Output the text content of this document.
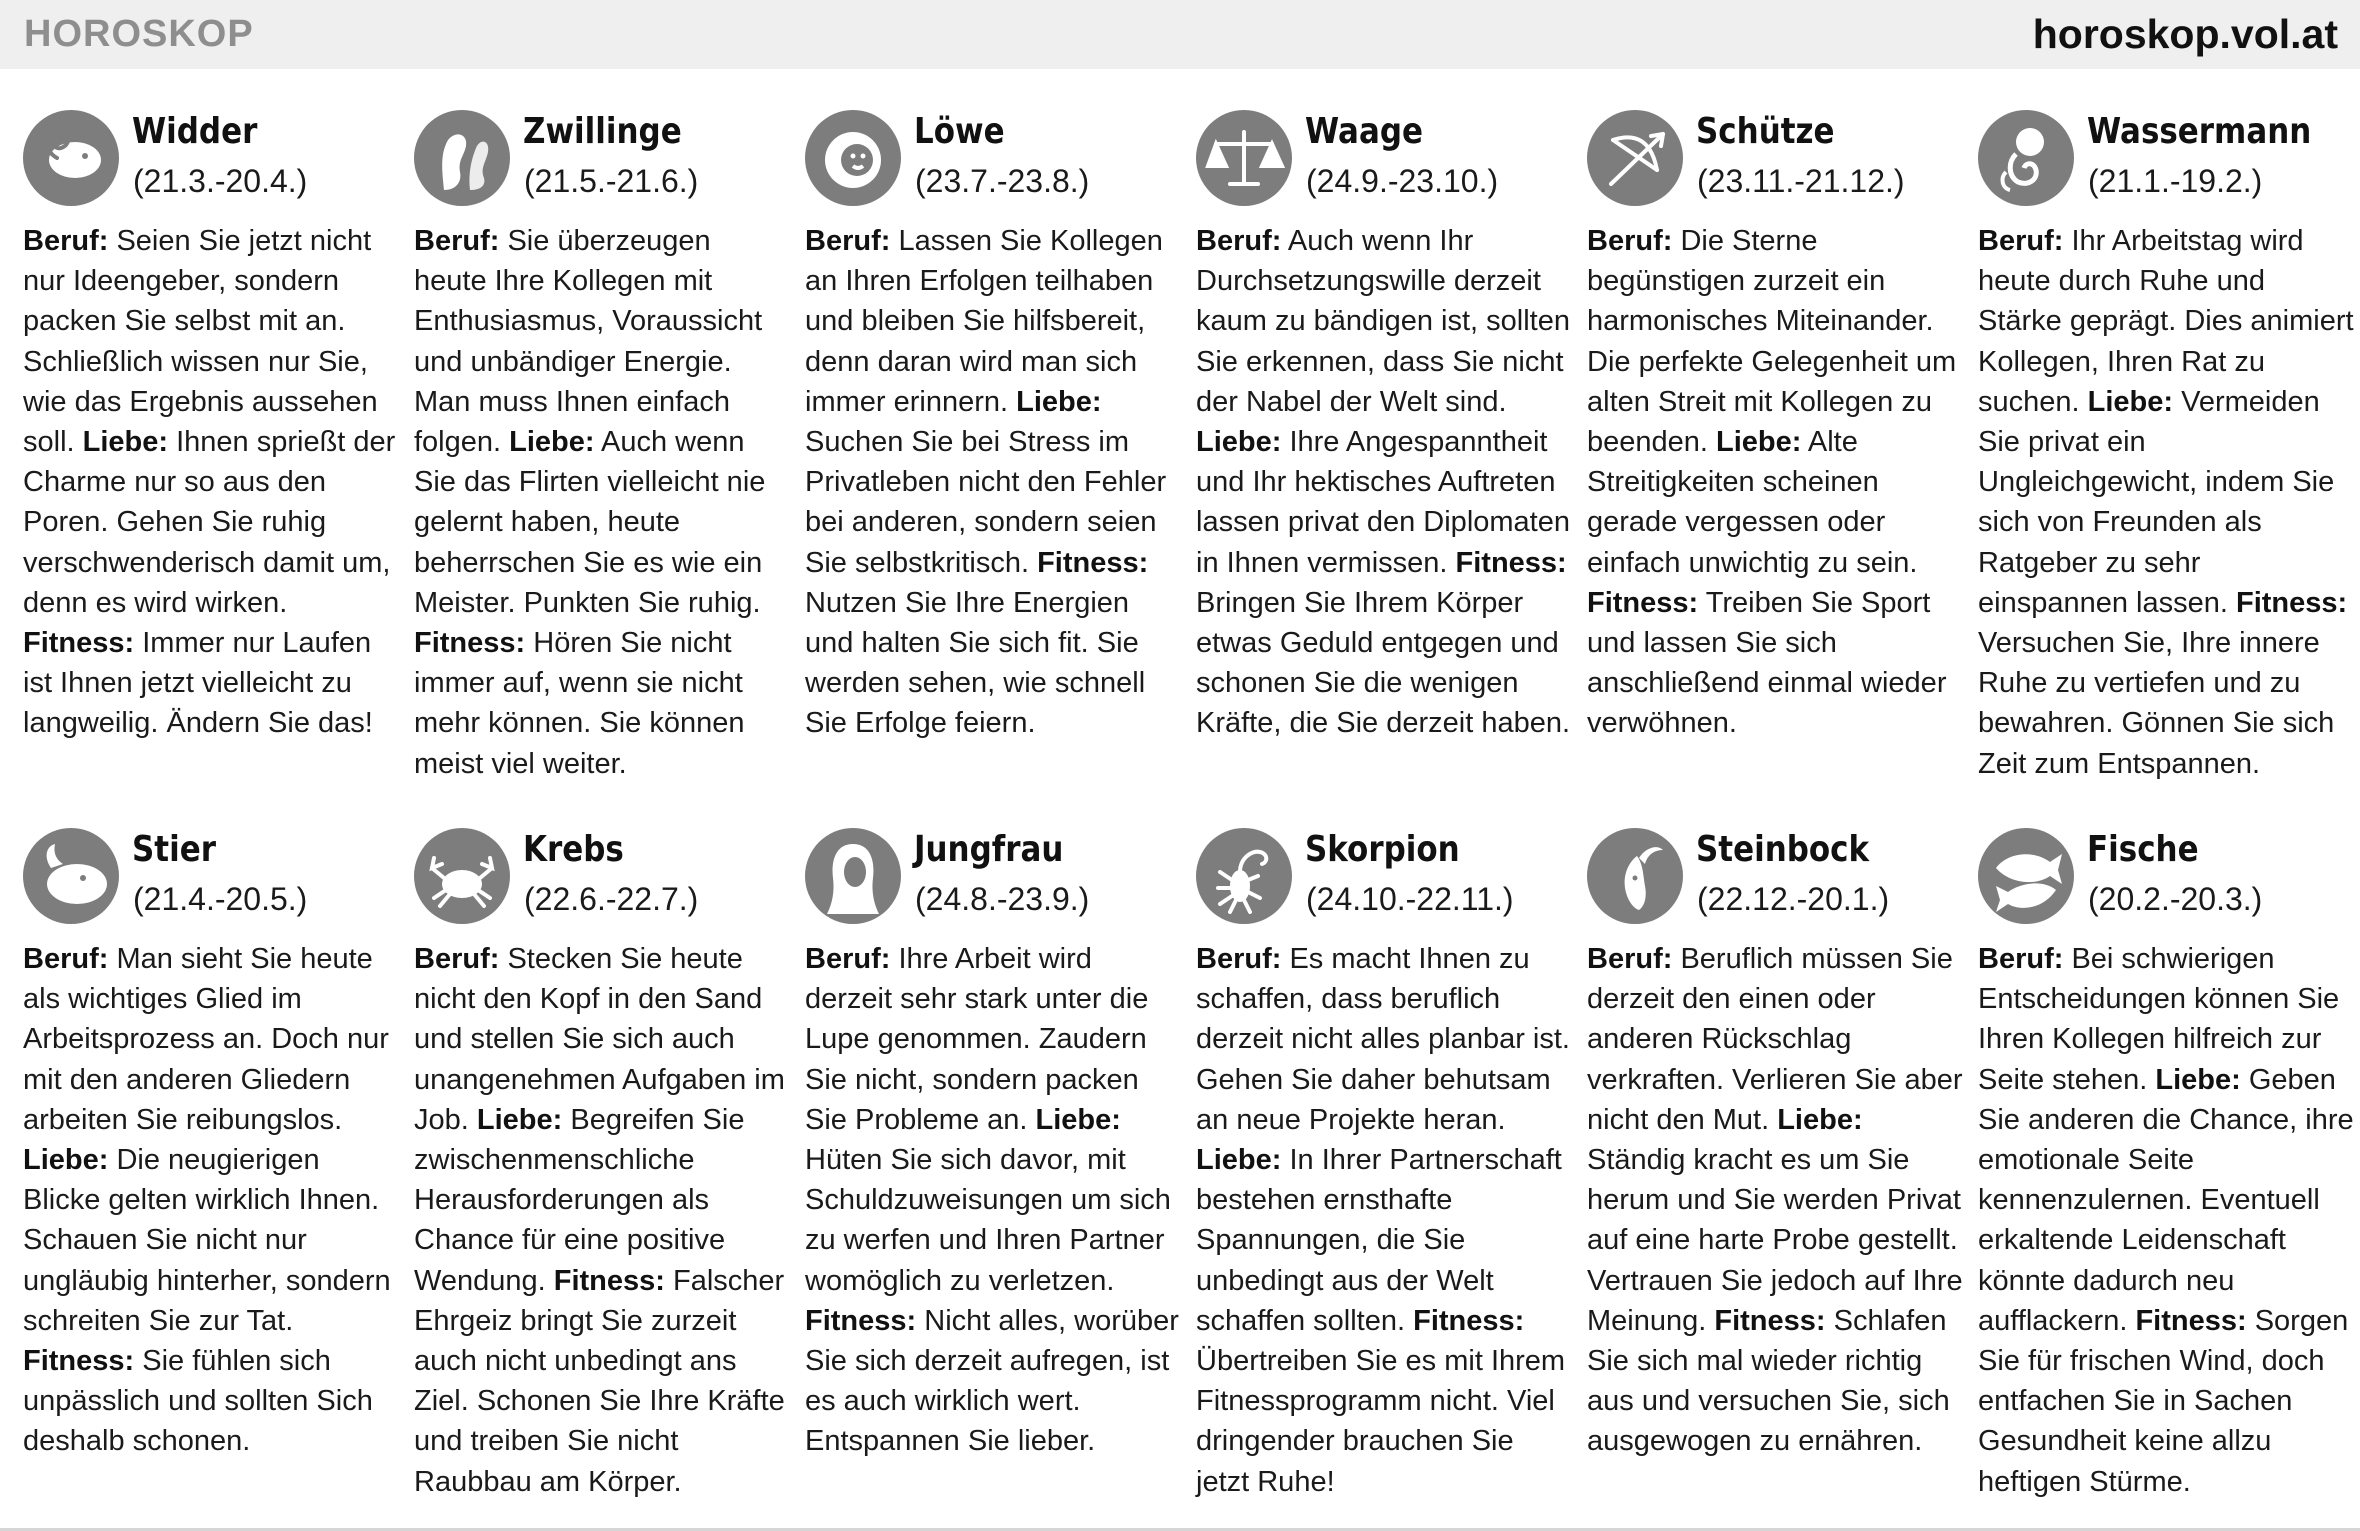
HOROSKOP	horoskop.vol.at
Widder
(21.3.-20.4.)
Beruf: Seien Sie jetzt nicht nur Ideengeber, sondern packen Sie selbst mit an. Schließlich wissen nur Sie, wie das Ergebnis aussehen soll. Liebe: Ihnen sprießt der Charme nur so aus den Poren. Gehen Sie ruhig verschwenderisch damit um, denn es wird wirken. Fitness: Immer nur Laufen ist Ihnen jetzt vielleicht zu langweilig. Ändern Sie das!
Zwillinge
(21.5.-21.6.)
Beruf: Sie überzeugen heute Ihre Kollegen mit Enthusiasmus, Voraussicht und unbändiger Energie. Man muss Ihnen einfach folgen. Liebe: Auch wenn Sie das Flirten vielleicht nie gelernt haben, heute beherrschen Sie es wie ein Meister. Punkten Sie ruhig. Fitness: Hören Sie nicht immer auf, wenn sie nicht mehr können. Sie können meist viel weiter.
Löwe
(23.7.-23.8.)
Beruf: Lassen Sie Kollegen an Ihren Erfolgen teilhaben und bleiben Sie hilfsbereit, denn daran wird man sich immer erinnern. Liebe: Suchen Sie bei Stress im Privatleben nicht den Fehler bei anderen, sondern seien Sie selbstkritisch. Fitness: Nutzen Sie Ihre Energien und halten Sie sich fit. Sie werden sehen, wie schnell Sie Erfolge feiern.
Waage
(24.9.-23.10.)
Beruf: Auch wenn Ihr Durchsetzungswille derzeit kaum zu bändigen ist, sollten Sie erkennen, dass Sie nicht der Nabel der Welt sind. Liebe: Ihre Angespanntheit und Ihr hektisches Auftreten lassen privat den Diplomaten in Ihnen vermissen. Fitness: Bringen Sie Ihrem Körper etwas Geduld entgegen und schonen Sie die wenigen Kräfte, die Sie derzeit haben.
Schütze
(23.11.-21.12.)
Beruf: Die Sterne begünstigen zurzeit ein harmonisches Miteinander. Die perfekte Gelegenheit um alten Streit mit Kollegen zu beenden. Liebe: Alte Streitigkeiten scheinen gerade vergessen oder einfach unwichtig zu sein. Fitness: Treiben Sie Sport und lassen Sie sich anschließend einmal wieder verwöhnen.
Wassermann
(21.1.-19.2.)
Beruf: Ihr Arbeitstag wird heute durch Ruhe und Stärke geprägt. Dies animiert Kollegen, Ihren Rat zu suchen. Liebe: Vermeiden Sie privat ein Ungleichgewicht, indem Sie sich von Freunden als Ratgeber zu sehr einspannen lassen. Fitness: Versuchen Sie, Ihre innere Ruhe zu vertiefen und zu bewahren. Gönnen Sie sich Zeit zum Entspannen.
Stier
(21.4.-20.5.)
Beruf: Man sieht Sie heute als wichtiges Glied im Arbeitsprozess an. Doch nur mit den anderen Gliedern arbeiten Sie reibungslos. Liebe: Die neugierigen Blicke gelten wirklich Ihnen. Schauen Sie nicht nur ungläubig hinterher, sondern schreiten Sie zur Tat. Fitness: Sie fühlen sich unpässlich und sollten Sich deshalb schonen.
Krebs
(22.6.-22.7.)
Beruf: Stecken Sie heute nicht den Kopf in den Sand und stellen Sie sich auch unangenehmen Aufgaben im Job. Liebe: Begreifen Sie zwischenmenschliche Herausforderungen als Chance für eine positive Wendung. Fitness: Falscher Ehrgeiz bringt Sie zurzeit auch nicht unbedingt ans Ziel. Schonen Sie Ihre Kräfte und treiben Sie nicht Raubbau am Körper.
Jungfrau
(24.8.-23.9.)
Beruf: Ihre Arbeit wird derzeit sehr stark unter die Lupe genommen. Zaudern Sie nicht, sondern packen Sie Probleme an. Liebe: Hüten Sie sich davor, mit Schuldzuweisungen um sich zu werfen und Ihren Partner womöglich zu verletzen. Fitness: Nicht alles, worüber Sie sich derzeit aufregen, ist es auch wirklich wert. Entspannen Sie lieber.
Skorpion
(24.10.-22.11.)
Beruf: Es macht Ihnen zu schaffen, dass beruflich derzeit nicht alles planbar ist. Gehen Sie daher behutsam an neue Projekte heran. Liebe: In Ihrer Partnerschaft bestehen ernsthafte Spannungen, die Sie unbedingt aus der Welt schaffen sollten. Fitness: Übertreiben Sie es mit Ihrem Fitnessprogramm nicht. Viel dringender brauchen Sie jetzt Ruhe!
Steinbock
(22.12.-20.1.)
Beruf: Beruflich müssen Sie derzeit den einen oder anderen Rückschlag verkraften. Verlieren Sie aber nicht den Mut. Liebe: Ständig kracht es um Sie herum und Sie werden Privat auf eine harte Probe gestellt. Vertrauen Sie jedoch auf Ihre Meinung. Fitness: Schlafen Sie sich mal wieder richtig aus und versuchen Sie, sich ausgewogen zu ernähren.
Fische
(20.2.-20.3.)
Beruf: Bei schwierigen Entscheidungen können Sie Ihren Kollegen hilfreich zur Seite stehen. Liebe: Geben Sie anderen die Chance, ihre emotionale Seite kennenzulernen. Eventuell erkaltende Leidenschaft könnte dadurch neu aufflackern. Fitness: Sorgen Sie für frischen Wind, doch entfachen Sie in Sachen Gesundheit keine allzu heftigen Stürme.
